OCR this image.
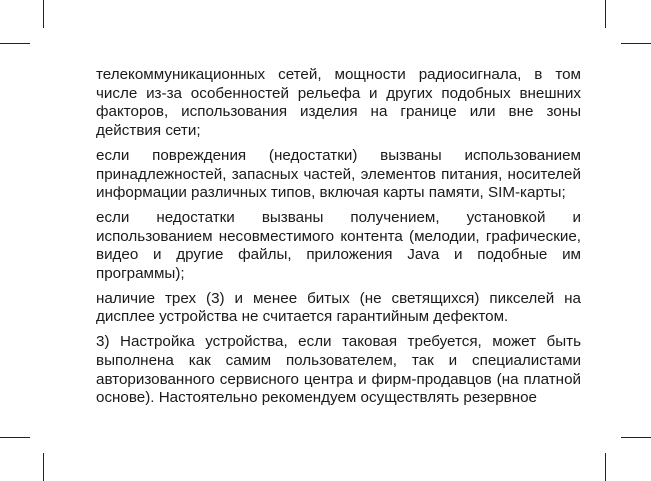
телекоммуникационных сетей, мощности радиосигнала, в том числе из-за особенностей рельефа и других подобных внешних факторов, использования изделия на границе или вне зоны действия сети;

если повреждения (недостатки) вызваны использованием принадлежностей, запасных частей, элементов питания, носителей информации различных типов, включая карты памяти, SIM-карты;

если недостатки вызваны получением, установкой и использованием несовместимого контента (мелодии, графические, видео и другие файлы, приложения Java и подобные им программы);

наличие трех (3) и менее битых (не светящихся) пикселей на дисплее устройства не считается гарантийным дефектом.

3) Настройка устройства, если таковая требуется, может быть выполнена как самим пользователем, так и специалистами авторизованного сервисного центра и фирм-продавцов (на платной основе). Настоятельно рекомендуем осуществлять резервное
